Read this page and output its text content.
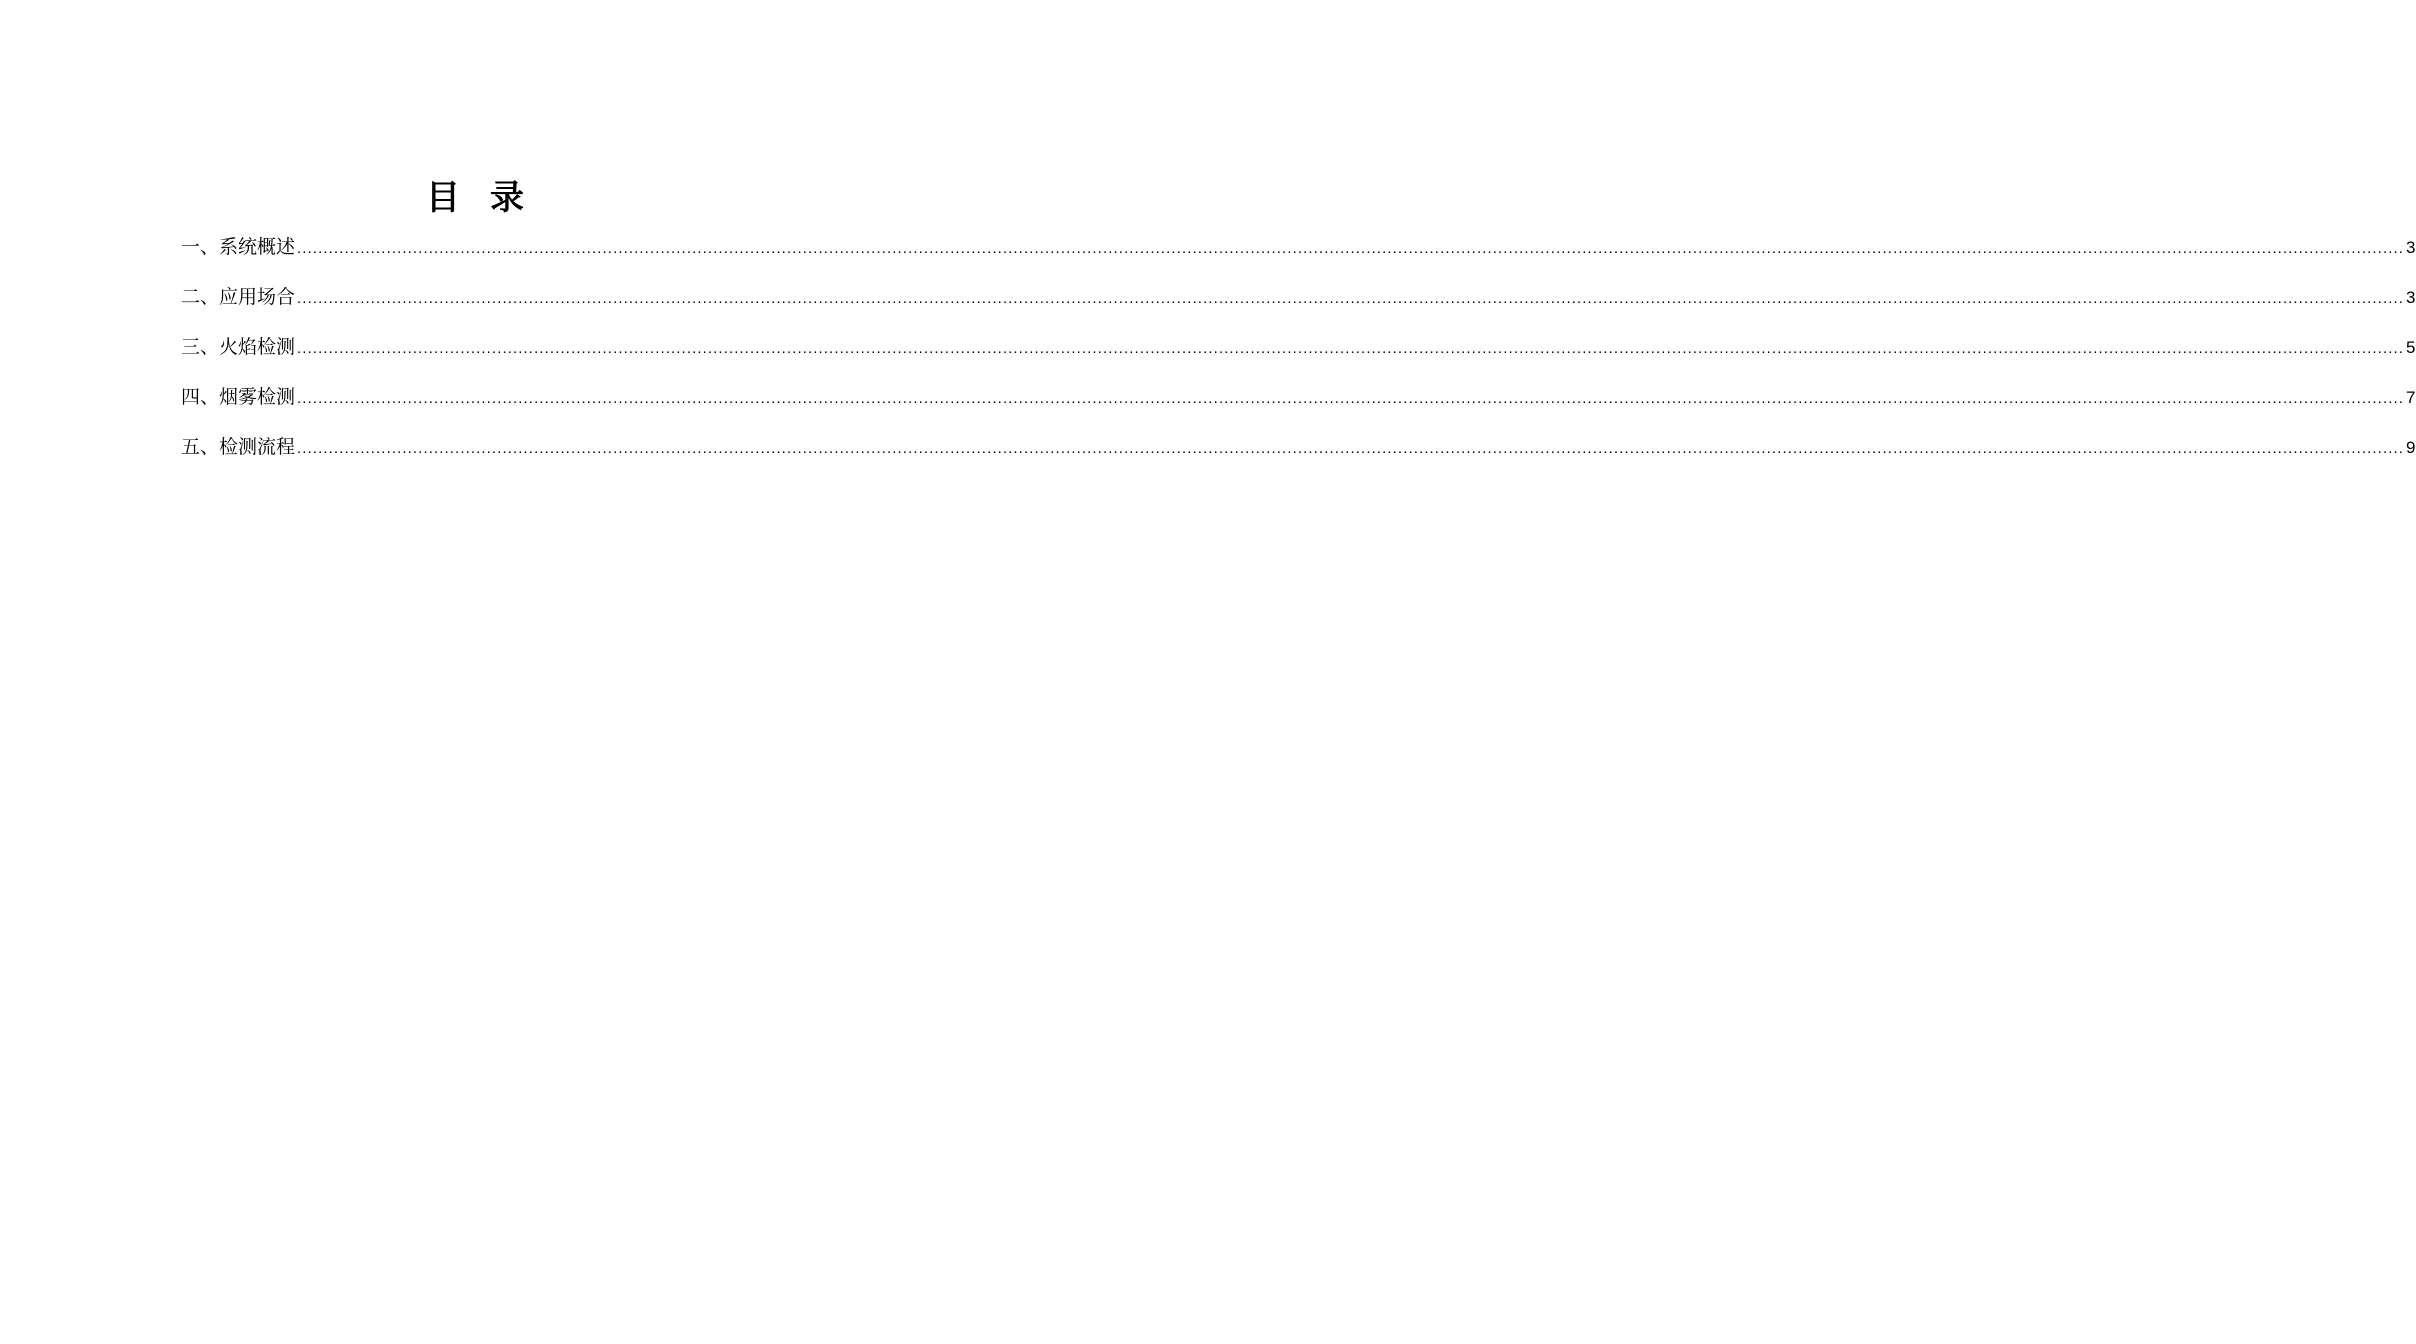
目 录
一、 系统概述 ................................................................................................................................................................................................................................................................................................................................................................................................................ 3
二、 应用场合 ................................................................................................................................................................................................................................................................................................................................................................................................................ 3
三、 火焰检测 ................................................................................................................................................................................................................................................................................................................................................................................................................ 5
四、 烟雾检测 ................................................................................................................................................................................................................................................................................................................................................................................................................ 7
五、 检测流程 ................................................................................................................................................................................................................................................................................................................................................................................................................ 9
